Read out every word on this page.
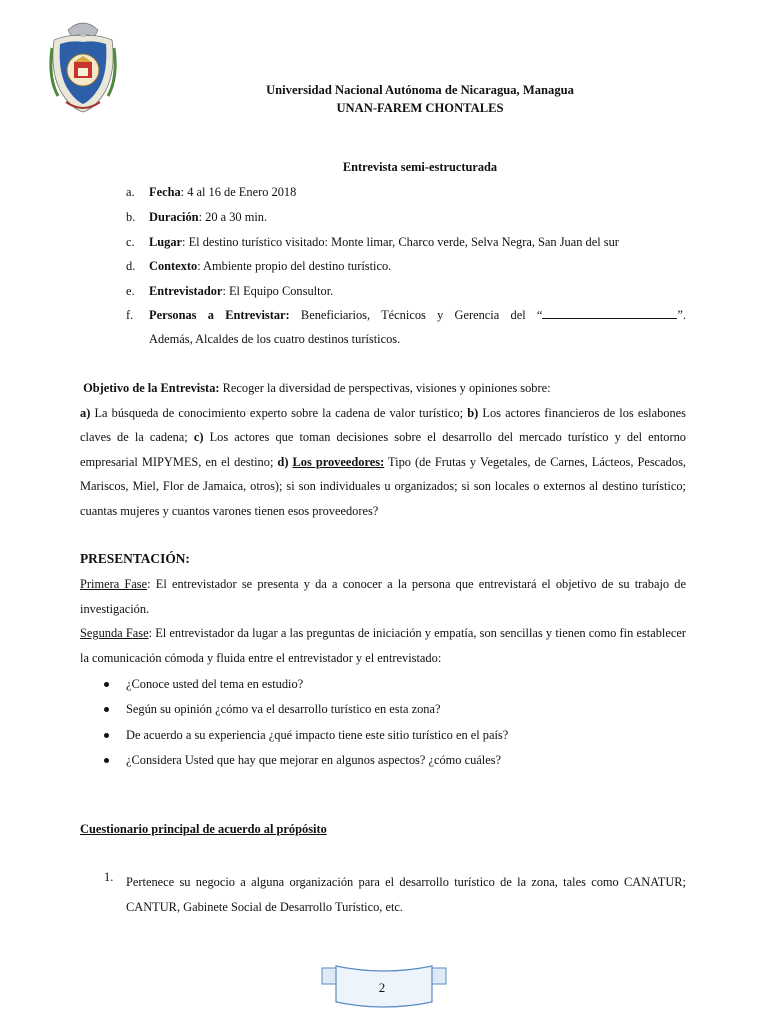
Universidad Nacional Autónoma de Nicaragua, Managua
UNAN-FAREM CHONTALES
Entrevista semi-estructurada
a. Fecha: 4 al 16 de Enero 2018
b. Duración: 20 a 30 min.
c. Lugar: El destino turístico visitado: Monte limar, Charco verde, Selva Negra, San Juan del sur
d. Contexto: Ambiente propio del destino turístico.
e. Entrevistador: El Equipo Consultor.
f. Personas a Entrevistar: Beneficiarios, Técnicos y Gerencia del “	”.
Además, Alcaldes de los cuatro destinos turísticos.

Objetivo de la Entrevista: Recoger la diversidad de perspectivas, visiones y opiniones sobre:

a) La búsqueda de conocimiento experto sobre la cadena de valor turístico; b) Los actores financieros de los eslabones claves de la cadena; c) Los actores que toman decisiones sobre el desarrollo del mercado turístico y del entorno empresarial MIPYMES, en el destino; d) Los proveedores: Tipo (de Frutas y Vegetales, de Carnes, Lácteos, Pescados, Mariscos, Miel, Flor de Jamaica, otros); si son individuales u organizados; si son locales o externos al destino turístico; cuantas mujeres y cuantos varones tienen esos proveedores?

PRESENTACIÓN:

Primera Fase: El entrevistador se presenta y da a conocer a la persona que entrevistará el objetivo de su trabajo de investigación.

Segunda Fase: El entrevistador da lugar a las preguntas de iniciación y empatía, son sencillas y tienen como fin establecer la comunicación cómoda y fluida entre el entrevistador y el entrevistado:

¿Conoce usted del tema en estudio?
Según su opinión ¿cómo va el desarrollo turístico en esta zona?
De acuerdo a su experiencia ¿qué impacto tiene este sitio turístico en el país?
¿Considera Usted que hay que mejorar en algunos aspectos? ¿cómo cuáles?
Cuestionario principal de acuerdo al própósito
1. Pertenece su negocio a alguna organización para el desarrollo turístico de la zona, tales como CANATUR; CANTUR, Gabinete Social de Desarrollo Turístico, etc.
2
